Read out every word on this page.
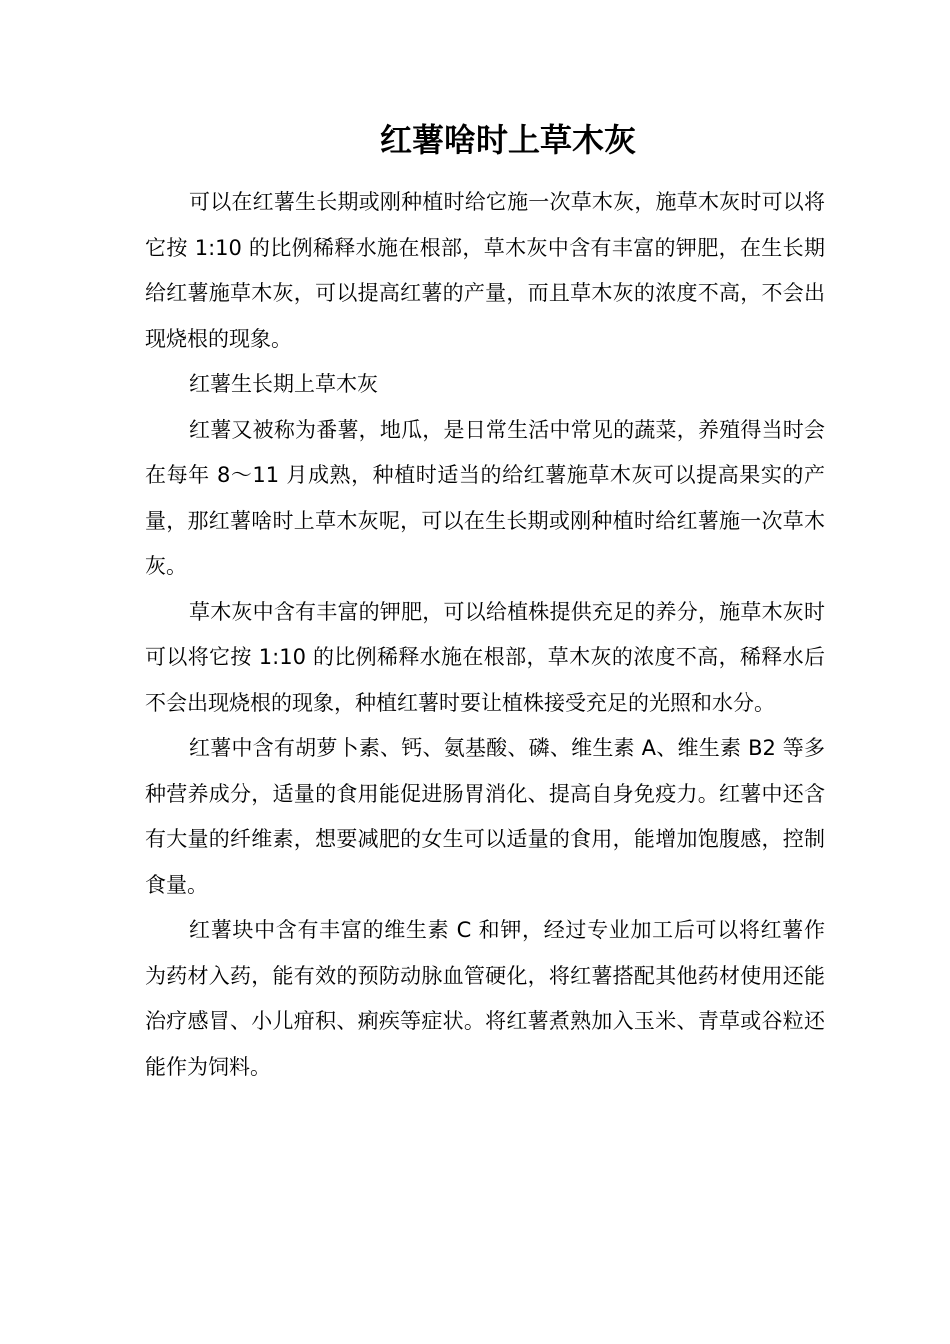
红薯啥时上草木灰

可以在红薯生长期或刚种植时给它施一次草木灰，施草木灰时可以将它按 1:10 的比例稀释水施在根部，草木灰中含有丰富的钾肥，在生长期给红薯施草木灰，可以提高红薯的产量，而且草木灰的浓度不高，不会出现烧根的现象。

红薯生长期上草木灰

红薯又被称为番薯，地瓜，是日常生活中常见的蔬菜，养殖得当时会在每年 8～11 月成熟，种植时适当的给红薯施草木灰可以提高果实的产量，那红薯啥时上草木灰呢，可以在生长期或刚种植时给红薯施一次草木灰。

草木灰中含有丰富的钾肥，可以给植株提供充足的养分，施草木灰时可以将它按 1:10 的比例稀释水施在根部，草木灰的浓度不高，稀释水后不会出现烧根的现象，种植红薯时要让植株接受充足的光照和水分。

红薯中含有胡萝卜素、钙、氨基酸、磷、维生素 A、维生素 B2 等多种营养成分，适量的食用能促进肠胃消化、提高自身免疫力。红薯中还含有大量的纤维素，想要减肥的女生可以适量的食用，能增加饱腹感，控制食量。

红薯块中含有丰富的维生素 C 和钾，经过专业加工后可以将红薯作为药材入药，能有效的预防动脉血管硬化，将红薯搭配其他药材使用还能治疗感冒、小儿疳积、痢疾等症状。将红薯煮熟加入玉米、青草或谷粒还能作为饲料。
